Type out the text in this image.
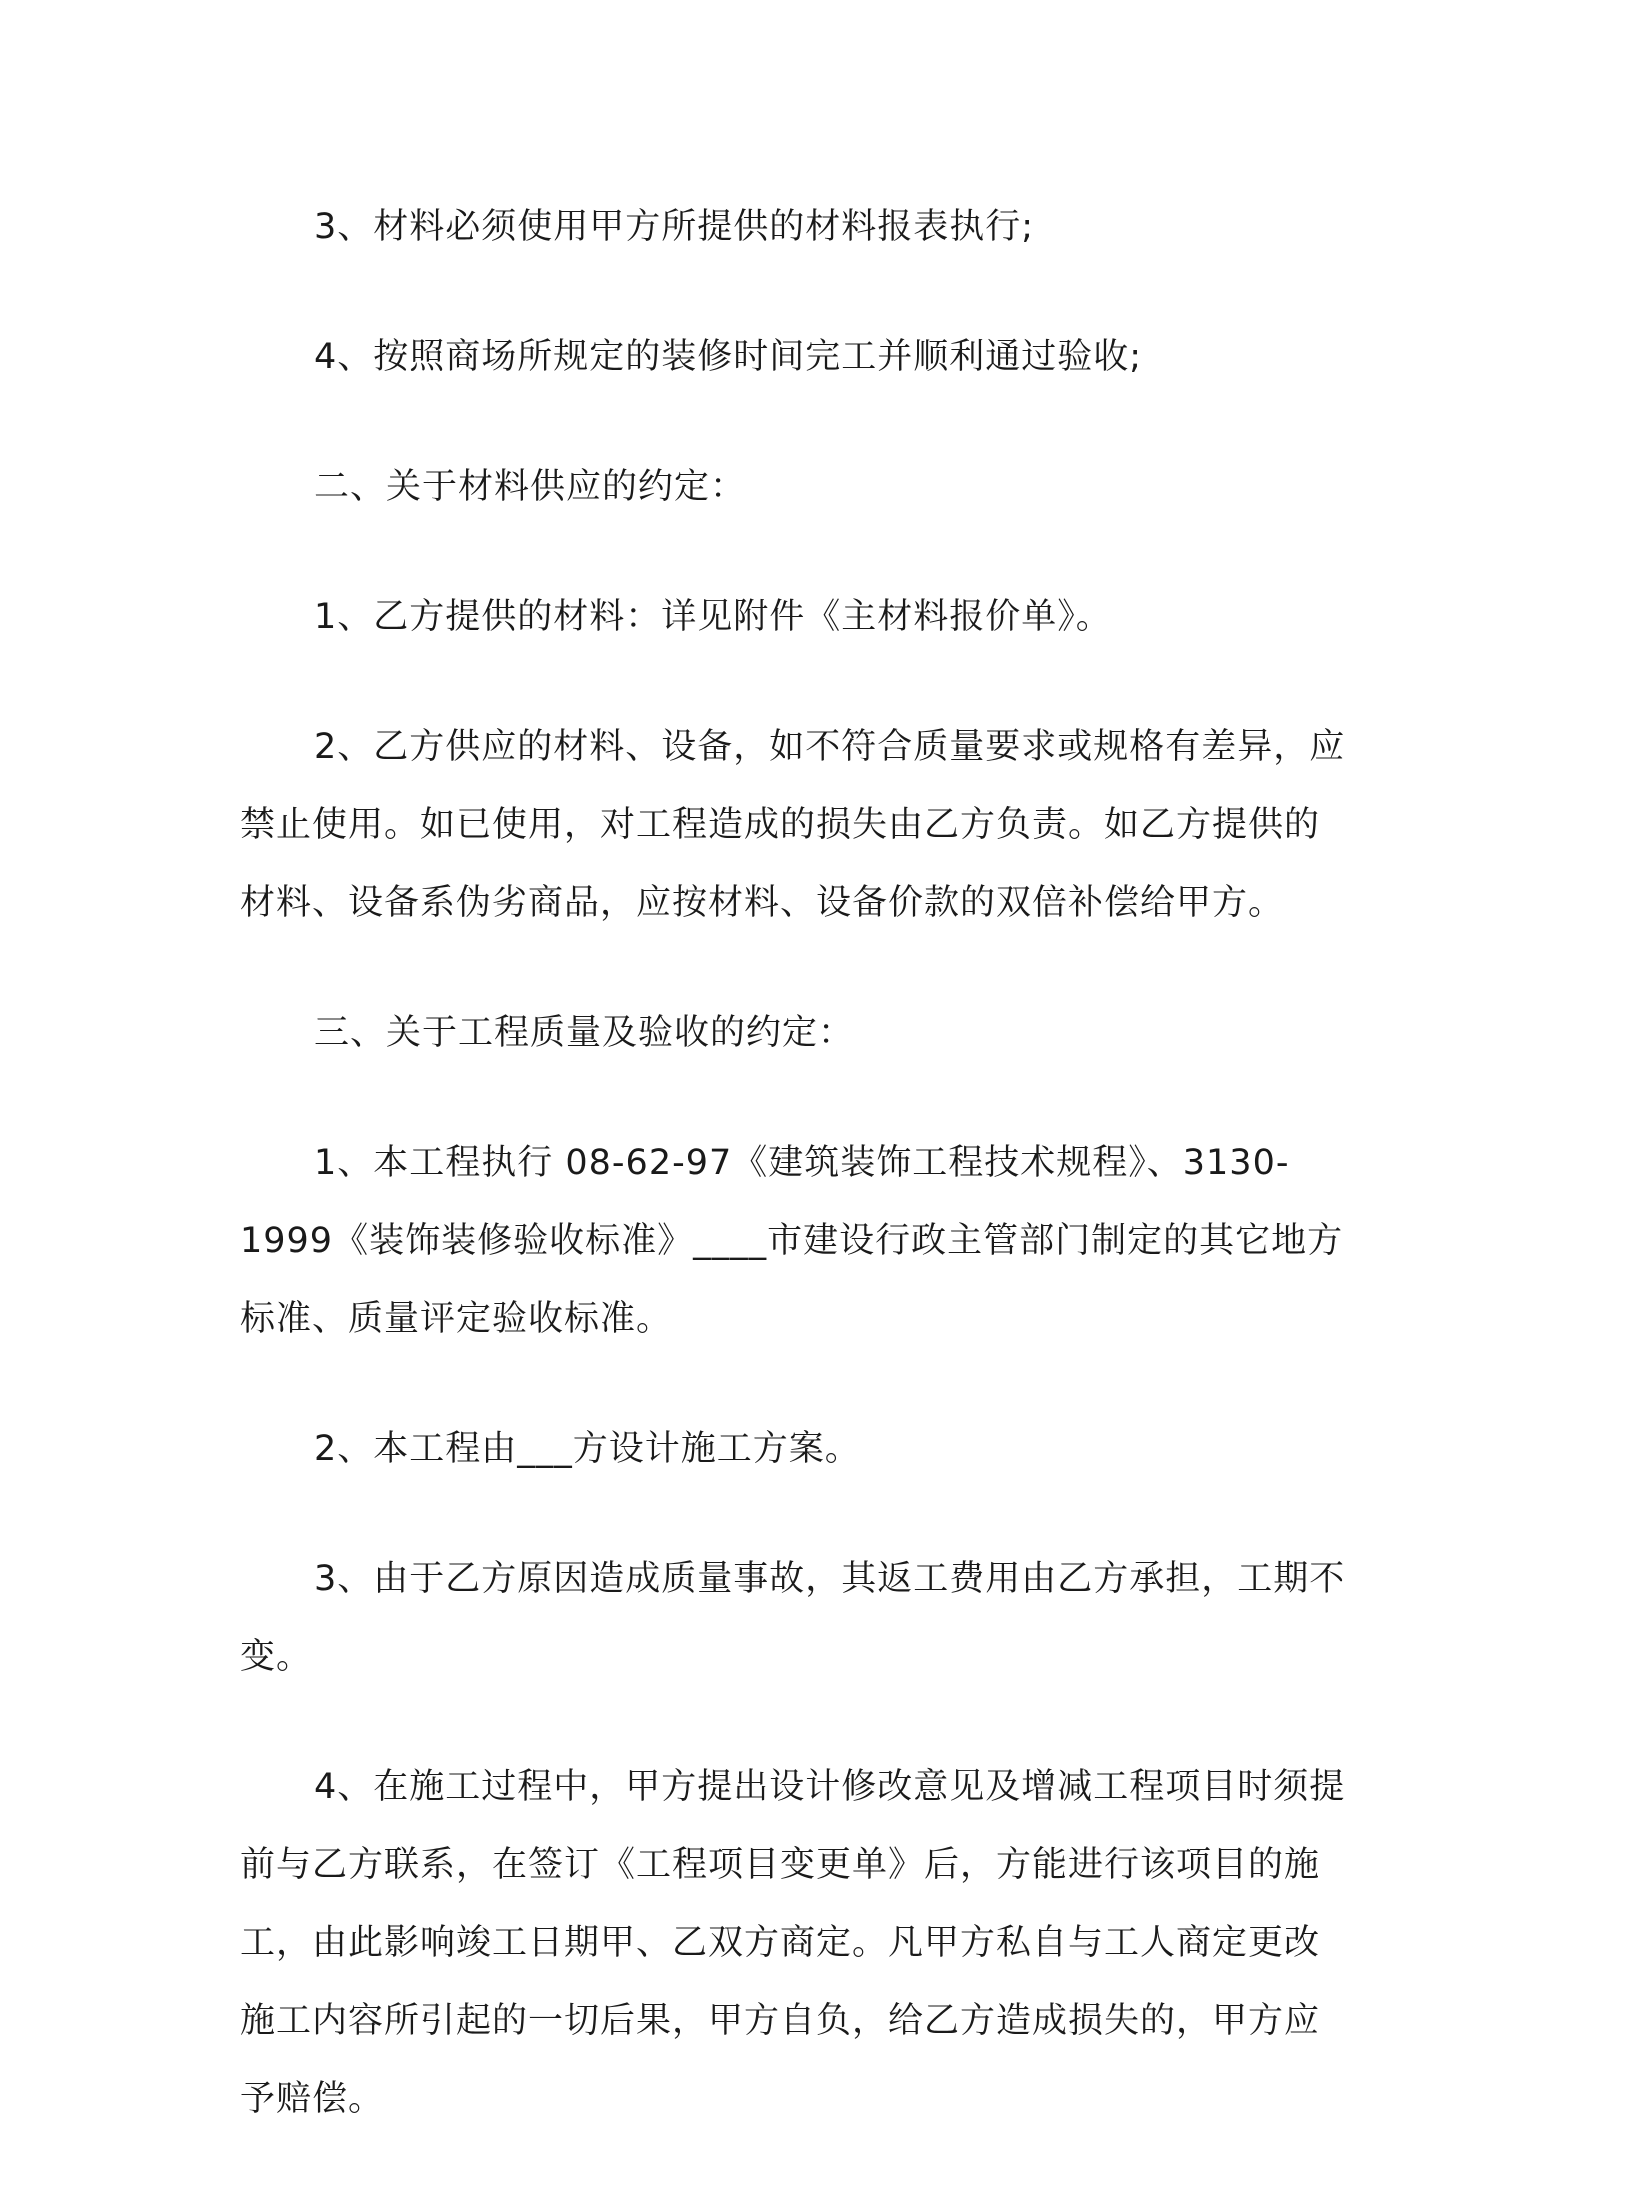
3、材料必须使用甲方所提供的材料报表执行;

4、按照商场所规定的装修时间完工并顺利通过验收;

二、关于材料供应的约定：

1、乙方提供的材料：详见附件《主材料报价单》。

2、乙方供应的材料、设备，如不符合质量要求或规格有差异，应
禁止使用。如已使用，对工程造成的损失由乙方负责。如乙方提供的
材料、设备系伪劣商品，应按材料、设备价款的双倍补偿给甲方。

三、关于工程质量及验收的约定：

1、本工程执行 08-62-97《建筑装饰工程技术规程》、3130-
1999《装饰装修验收标准》____市建设行政主管部门制定的其它地方
标准、质量评定验收标准。

2、本工程由___方设计施工方案。

3、由于乙方原因造成质量事故，其返工费用由乙方承担，工期不
变。

4、在施工过程中，甲方提出设计修改意见及增减工程项目时须提
前与乙方联系，在签订《工程项目变更单》后，方能进行该项目的施
工，由此影响竣工日期甲、乙双方商定。凡甲方私自与工人商定更改
施工内容所引起的一切后果，甲方自负，给乙方造成损失的，甲方应
予赔偿。
